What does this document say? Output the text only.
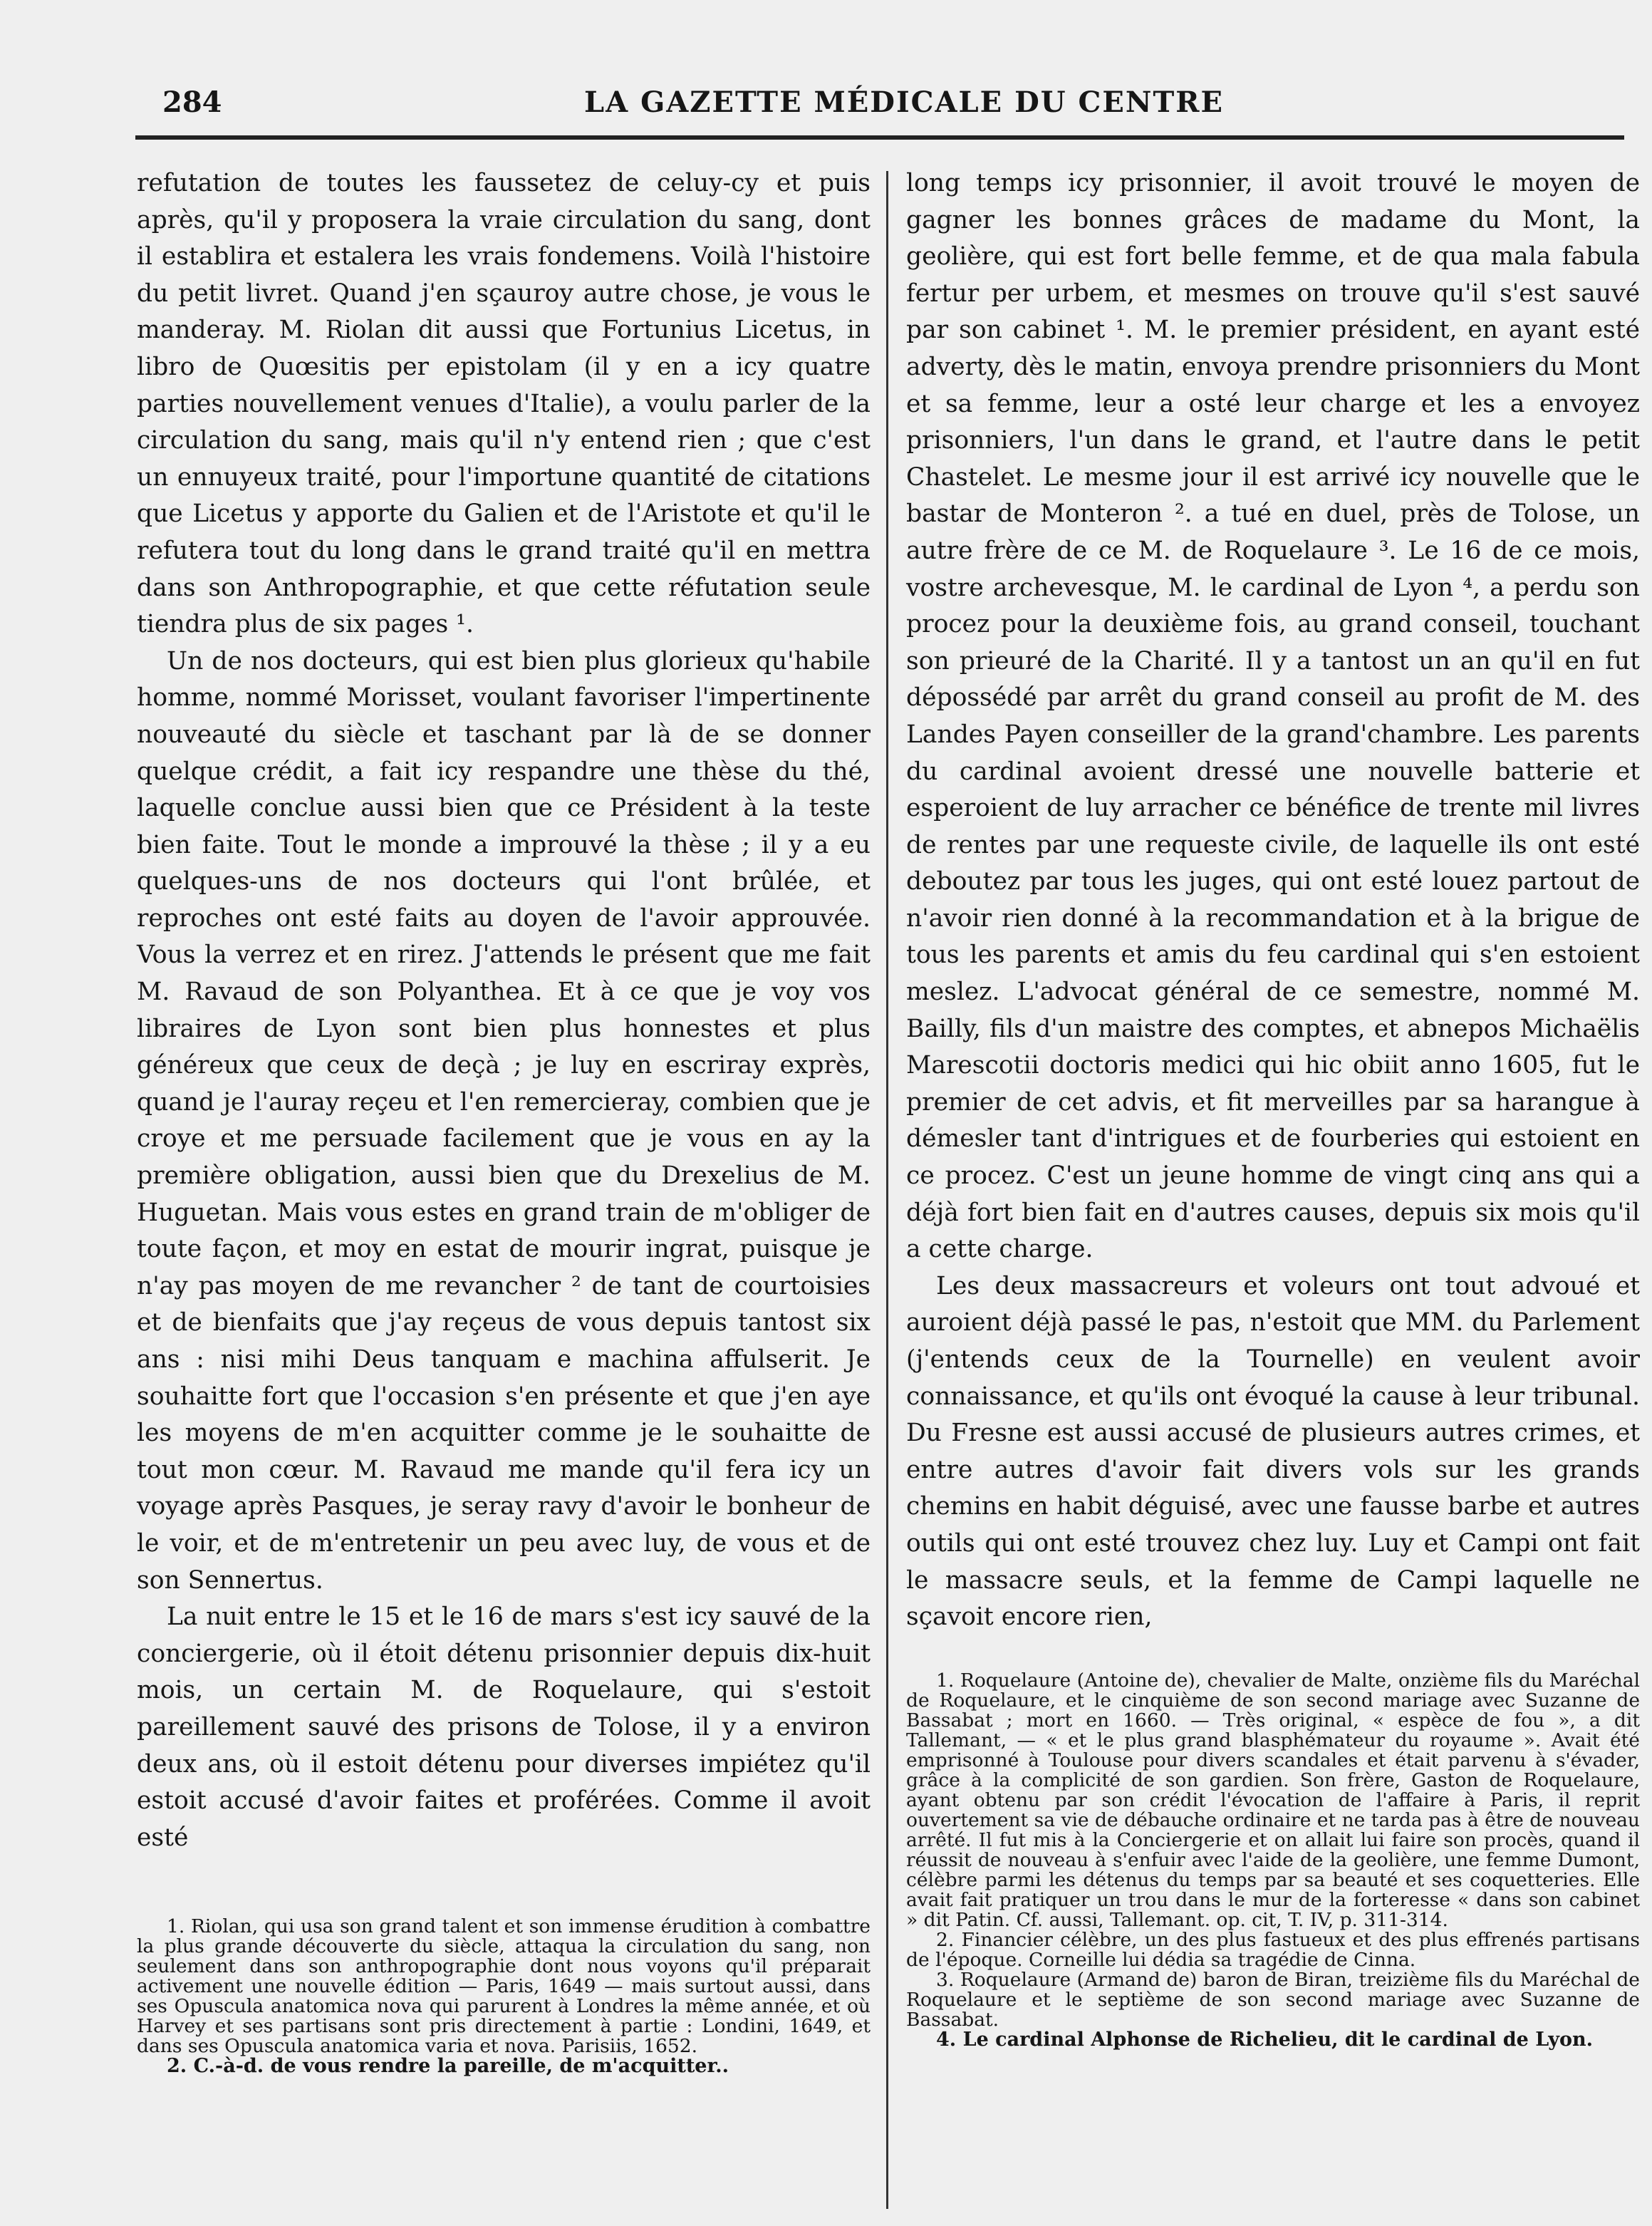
284	LA GAZETTE MÉDICALE DU CENTRE

refutation de toutes les faussetez de celuy-cy et puis après, qu'il y proposera la vraie circulation du sang, dont il establira et estalera les vrais fondemens. Voilà l'histoire du petit livret. Quand j'en sçauroy autre chose, je vous le manderay. M. Riolan dit aussi que Fortunius Licetus, in libro de Quœsitis per epistolam (il y en a icy quatre parties nouvellement venues d'Italie), a voulu parler de la circulation du sang, mais qu'il n'y entend rien ; que c'est un ennuyeux traité, pour l'importune quantité de citations que Licetus y apporte du Galien et de l'Aristote et qu'il le refutera tout du long dans le grand traité qu'il en mettra dans son Anthropographie, et que cette réfutation seule tiendra plus de six pages ¹.

Un de nos docteurs, qui est bien plus glorieux qu'habile homme, nommé Morisset, voulant favoriser l'impertinente nouveauté du siècle et taschant par là de se donner quelque crédit, a fait icy respandre une thèse du thé, laquelle conclue aussi bien que ce Président à la teste bien faite. Tout le monde a improuvé la thèse ; il y a eu quelques-uns de nos docteurs qui l'ont brûlée, et reproches ont esté faits au doyen de l'avoir approuvée. Vous la verrez et en rirez. J'attends le présent que me fait M. Ravaud de son Polyanthea. Et à ce que je voy vos libraires de Lyon sont bien plus honnestes et plus généreux que ceux de deçà ; je luy en escriray exprès, quand je l'auray reçeu et l'en remercieray, combien que je croye et me persuade facilement que je vous en ay la première obligation, aussi bien que du Drexelius de M. Huguetan. Mais vous estes en grand train de m'obliger de toute façon, et moy en estat de mourir ingrat, puisque je n'ay pas moyen de me revancher ² de tant de courtoisies et de bienfaits que j'ay reçeus de vous depuis tantost six ans : nisi mihi Deus tanquam e machina affulserit. Je souhaitte fort que l'occasion s'en présente et que j'en aye les moyens de m'en acquitter comme je le souhaitte de tout mon cœur. M. Ravaud me mande qu'il fera icy un voyage après Pasques, je seray ravy d'avoir le bonheur de le voir, et de m'entretenir un peu avec luy, de vous et de son Sennertus.

La nuit entre le 15 et le 16 de mars s'est icy sauvé de la conciergerie, où il étoit détenu prisonnier depuis dix-huit mois, un certain M. de Roquelaure, qui s'estoit pareillement sauvé des prisons de Tolose, il y a environ deux ans, où il estoit détenu pour diverses impiétez qu'il estoit accusé d'avoir faites et proférées. Comme il avoit esté

1. Riolan, qui usa son grand talent et son immense érudition à combattre la plus grande découverte du siècle, attaqua la circulation du sang, non seulement dans son anthropographie dont nous voyons qu'il préparait activement une nouvelle édition — Paris, 1649 — mais surtout aussi, dans ses Opuscula anatomica nova qui parurent à Londres la même année, et où Harvey et ses partisans sont pris directement à partie : Londini, 1649, et dans ses Opuscula anatomica varia et nova. Parisiis, 1652.

2. C.-à-d. de vous rendre la pareille, de m'acquitter..

long temps icy prisonnier, il avoit trouvé le moyen de gagner les bonnes grâces de madame du Mont, la geolière, qui est fort belle femme, et de qua mala fabula fertur per urbem, et mesmes on trouve qu'il s'est sauvé par son cabinet ¹. M. le premier président, en ayant esté adverty, dès le matin, envoya prendre prisonniers du Mont et sa femme, leur a osté leur charge et les a envoyez prisonniers, l'un dans le grand, et l'autre dans le petit Chastelet. Le mesme jour il est arrivé icy nouvelle que le bastar de Monteron ². a tué en duel, près de Tolose, un autre frère de ce M. de Roquelaure ³. Le 16 de ce mois, vostre archevesque, M. le cardinal de Lyon ⁴, a perdu son procez pour la deuxième fois, au grand conseil, touchant son prieuré de la Charité. Il y a tantost un an qu'il en fut dépossédé par arrêt du grand conseil au profit de M. des Landes Payen conseiller de la grand'chambre. Les parents du cardinal avoient dressé une nouvelle batterie et esperoient de luy arracher ce bénéfice de trente mil livres de rentes par une requeste civile, de laquelle ils ont esté deboutez par tous les juges, qui ont esté louez partout de n'avoir rien donné à la recommandation et à la brigue de tous les parents et amis du feu cardinal qui s'en estoient meslez. L'advocat général de ce semestre, nommé M. Bailly, fils d'un maistre des comptes, et abnepos Michaëlis Marescotii doctoris medici qui hic obiit anno 1605, fut le premier de cet advis, et fit merveilles par sa harangue à démesler tant d'intrigues et de fourberies qui estoient en ce procez. C'est un jeune homme de vingt cinq ans qui a déjà fort bien fait en d'autres causes, depuis six mois qu'il a cette charge.

Les deux massacreurs et voleurs ont tout advoué et auroient déjà passé le pas, n'estoit que MM. du Parlement (j'entends ceux de la Tournelle) en veulent avoir connaissance, et qu'ils ont évoqué la cause à leur tribunal. Du Fresne est aussi accusé de plusieurs autres crimes, et entre autres d'avoir fait divers vols sur les grands chemins en habit déguisé, avec une fausse barbe et autres outils qui ont esté trouvez chez luy. Luy et Campi ont fait le massacre seuls, et la femme de Campi laquelle ne sçavoit encore rien,

1. Roquelaure (Antoine de), chevalier de Malte, onzième fils du Maréchal de Roquelaure, et le cinquième de son second mariage avec Suzanne de Bassabat ; mort en 1660. — Très original, « espèce de fou », a dit Tallemant, — « et le plus grand blasphémateur du royaume ». Avait été emprisonné à Toulouse pour divers scandales et était parvenu à s'évader, grâce à la complicité de son gardien. Son frère, Gaston de Roquelaure, ayant obtenu par son crédit l'évocation de l'affaire à Paris, il reprit ouvertement sa vie de débauche ordinaire et ne tarda pas à être de nouveau arrêté. Il fut mis à la Conciergerie et on allait lui faire son procès, quand il réussit de nouveau à s'enfuir avec l'aide de la geolière, une femme Dumont, célèbre parmi les détenus du temps par sa beauté et ses coquetteries. Elle avait fait pratiquer un trou dans le mur de la forteresse « dans son cabinet » dit Patin. Cf. aussi, Tallemant. op. cit, T. IV, p. 311-314.

2. Financier célèbre, un des plus fastueux et des plus effrenés partisans de l'époque. Corneille lui dédia sa tragédie de Cinna.

3. Roquelaure (Armand de) baron de Biran, treizième fils du Maréchal de Roquelaure et le septième de son second mariage avec Suzanne de Bassabat.

4. Le cardinal Alphonse de Richelieu, dit le cardinal de Lyon.
